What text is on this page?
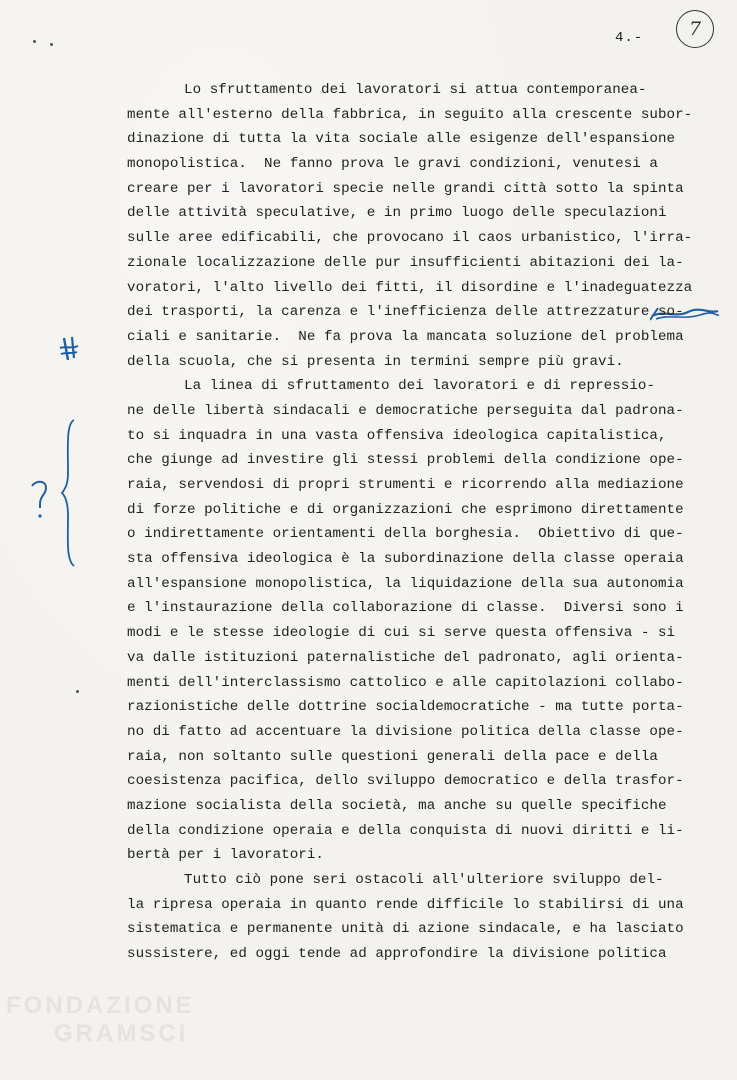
4.-	7
Lo sfruttamento dei lavoratori si attua contemporanea-
mente all'esterno della fabbrica, in seguito alla crescente subor-
dinazione di tutta la vita sociale alle esigenze dell'espansione
monopolistica.  Ne fanno prova le gravi condizioni, venutesi a
creare per i lavoratori specie nelle grandi città sotto la spinta
delle attività speculative, e in primo luogo delle speculazioni
sulle aree edificabili, che provocano il caos urbanistico, l'irra-
zionale localizzazione delle pur insufficienti abitazioni dei la-
voratori, l'alto livello dei fitti, il disordine e l'inadeguatezza
dei trasporti, la carenza e l'inefficienza delle attrezzature so-
ciali e sanitarie.  Ne fa prova la mancata soluzione del problema
della scuola, che si presenta in termini sempre più gravi.
La linea di sfruttamento dei lavoratori e di repressio-
ne delle libertà sindacali e democratiche perseguita dal padrona-
to si inquadra in una vasta offensiva ideologica capitalistica,
che giunge ad investire gli stessi problemi della condizione ope-
raia, servendosi di propri strumenti e ricorrendo alla mediazione
di forze politiche e di organizzazioni che esprimono direttamente
o indirettamente orientamenti della borghesia.  Obiettivo di que-
sta offensiva ideologica è la subordinazione della classe operaia
all'espansione monopolistica, la liquidazione della sua autonomia
e l'instaurazione della collaborazione di classe.  Diversi sono i
modi e le stesse ideologie di cui si serve questa offensiva - si
va dalle istituzioni paternalistiche del padronato, agli orienta-
menti dell'interclassismo cattolico e alle capitolazioni collabo-
razionistiche delle dottrine socialdemocratiche - ma tutte porta-
no di fatto ad accentuare la divisione politica della classe ope-
raia, non soltanto sulle questioni generali della pace e della
coesistenza pacifica, dello sviluppo democratico e della trasfor-
mazione socialista della società, ma anche su quelle specifiche
della condizione operaia e della conquista di nuovi diritti e li-
bertà per i lavoratori.
Tutto ciò pone seri ostacoli all'ulteriore sviluppo del-
la ripresa operaia in quanto rende difficile lo stabilirsi di una
sistematica e permanente unità di azione sindacale, e ha lasciato
sussistere, ed oggi tende ad approfondire la divisione politica
FONDAZIONE
GRAMSCI
